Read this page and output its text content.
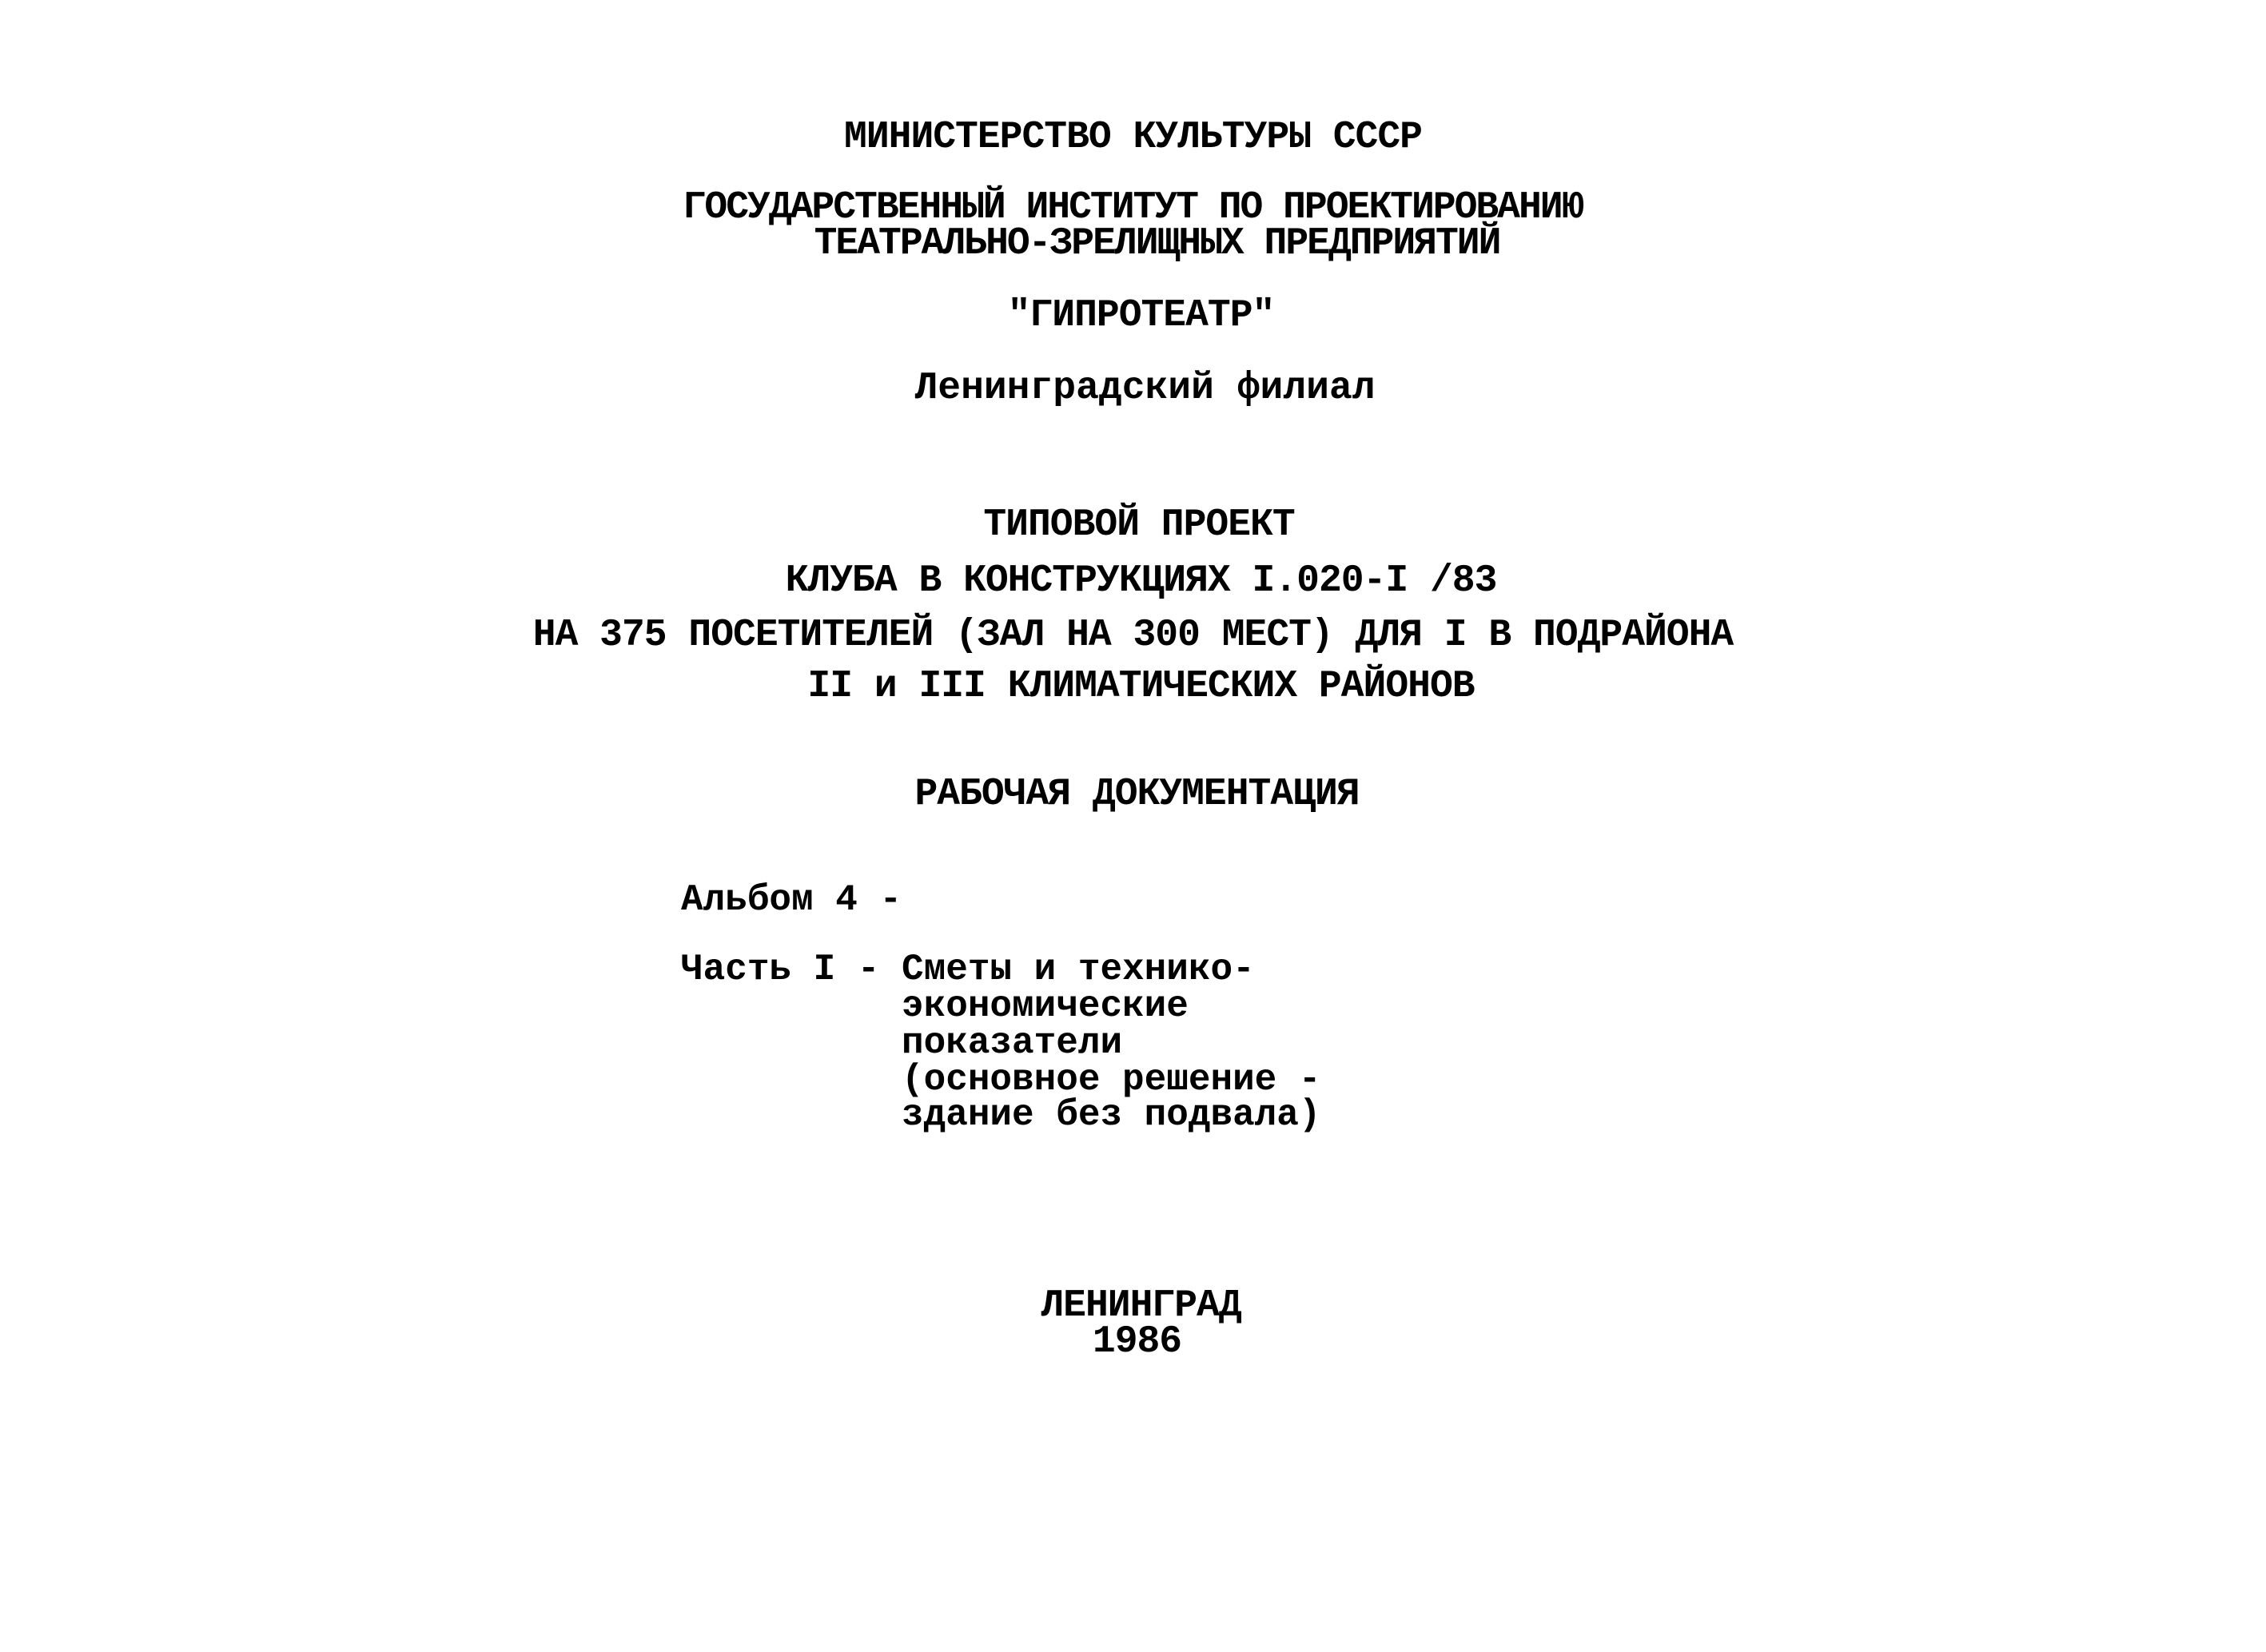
МИНИСТЕРСТВО КУЛЬТУРЫ СССР
ГОСУДАРСТВЕННЫЙ ИНСТИТУТ ПО ПРОЕКТИРОВАНИЮ
ТЕАТРАЛЬНО-ЗРЕЛИЩНЫХ ПРЕДПРИЯТИЙ
"ГИПРОТЕАТР"
Ленинградский филиал
ТИПОВОЙ ПРОЕКТ
КЛУБА В КОНСТРУКЦИЯХ I.020-I /83
НА 375 ПОСЕТИТЕЛЕЙ (ЗАЛ НА 300 МЕСТ) ДЛЯ I В ПОДРАЙОНА
II и III КЛИМАТИЧЕСКИХ РАЙОНОВ
РАБОЧАЯ ДОКУМЕНТАЦИЯ
Альбом 4 -
Часть I - Сметы и технико-
экономические
показатели
(основное решение -
здание без подвала)
ЛЕНИНГРАД
1986
